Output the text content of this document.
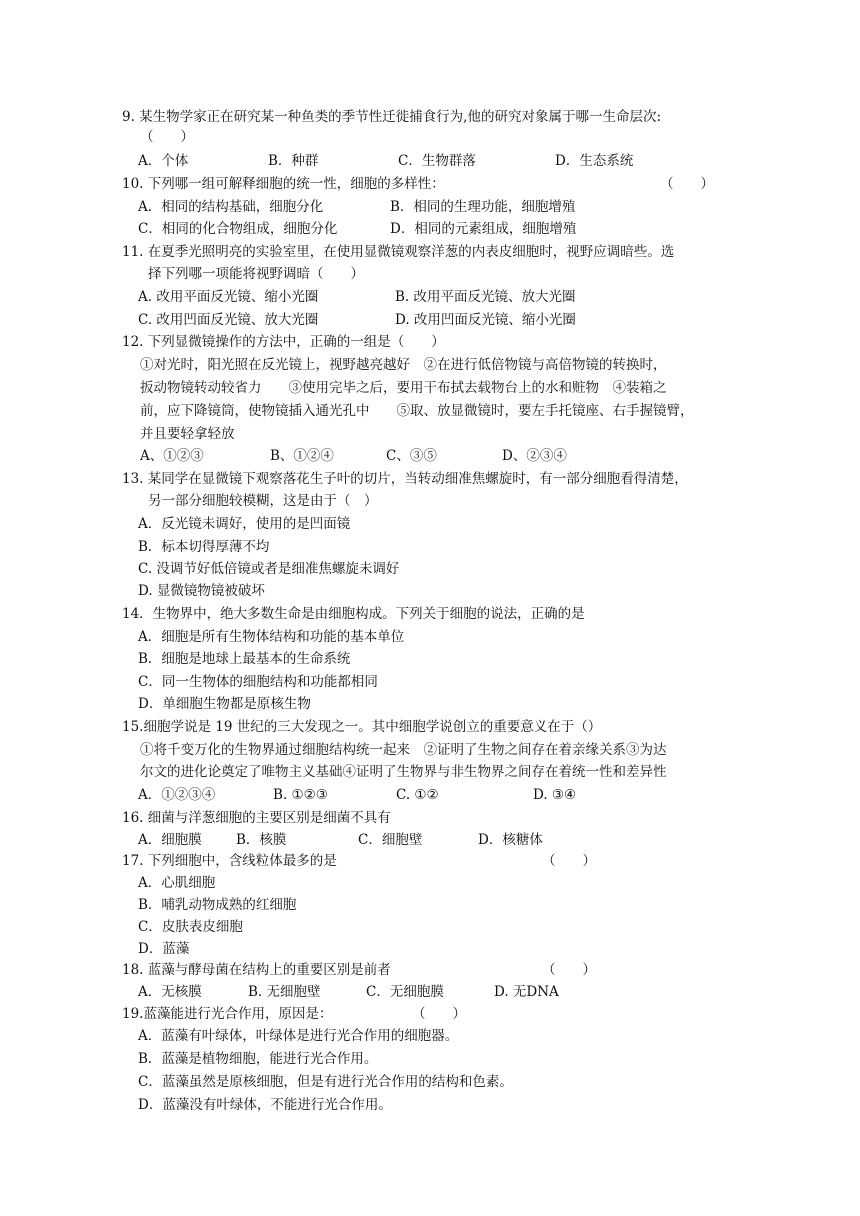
9. 某生物学家正在研究某一种鱼类的季节性迁徙捕食行为,他的研究对象属于哪一生命层次:
（　　）
A．个体	B．种群	C．生物群落	D．生态系统
10. 下列哪一组可解释细胞的统一性，细胞的多样性：	（　　）
A．相同的结构基础，细胞分化	B．相同的生理功能，细胞增殖
C．相同的化合物组成，细胞分化	D．相同的元素组成，细胞增殖
11. 在夏季光照明亮的实验室里，在使用显微镜观察洋葱的内表皮细胞时，视野应调暗些。选
择下列哪一项能将视野调暗（　　）
A. 改用平面反光镜、缩小光圈	B. 改用平面反光镜、放大光圈
C. 改用凹面反光镜、放大光圈	D. 改用凹面反光镜、缩小光圈
12. 下列显微镜操作的方法中，正确的一组是（　　）
①对光时，阳光照在反光镜上，视野越亮越好　②在进行低倍物镜与高倍物镜的转换时，
扳动物镜转动较省力　　③使用完毕之后，要用干布拭去载物台上的水和赃物　④装箱之
前，应下降镜筒，使物镜插入通光孔中　　⑤取、放显微镜时，要左手托镜座、右手握镜臂，
并且要轻拿轻放
A、①②③	B、①②④	C、③⑤	D、②③④
13. 某同学在显微镜下观察落花生子叶的切片，当转动细准焦螺旋时，有一部分细胞看得清楚，
另一部分细胞较模糊，这是由于（　）
A．反光镜未调好，使用的是凹面镜
B．标本切得厚薄不均
C. 没调节好低倍镜或者是细准焦螺旋未调好
D. 显微镜物镜被破坏
14．生物界中，绝大多数生命是由细胞构成。下列关于细胞的说法，正确的是
A．细胞是所有生物体结构和功能的基本单位
B．细胞是地球上最基本的生命系统
C．同一生物体的细胞结构和功能都相同
D．单细胞生物都是原核生物
15.细胞学说是 19 世纪的三大发现之一。其中细胞学说创立的重要意义在于（）
①将千变万化的生物界通过细胞结构统一起来　②证明了生物之间存在着亲缘关系③为达
尔文的进化论奠定了唯物主义基础④证明了生物界与非生物界之间存在着统一性和差异性
A．①②③④	B. ①②③	C. ①②	D. ③④
16. 细菌与洋葱细胞的主要区别是细菌不具有
A．细胞膜	B．核膜	C．细胞壁	D．核糖体
17. 下列细胞中，含线粒体最多的是	（　　）
A．心肌细胞
B．哺乳动物成熟的红细胞
C．皮肤表皮细胞
D．蓝藻
18. 蓝藻与酵母菌在结构上的重要区别是前者	（　　）
A．无核膜	B. 无细胞壁	C．无细胞膜	D. 无DNA
19.蓝藻能进行光合作用，原因是：	（　　）
A．蓝藻有叶绿体，叶绿体是进行光合作用的细胞器。
B．蓝藻是植物细胞，能进行光合作用。
C．蓝藻虽然是原核细胞，但是有进行光合作用的结构和色素。
D．蓝藻没有叶绿体，不能进行光合作用。
